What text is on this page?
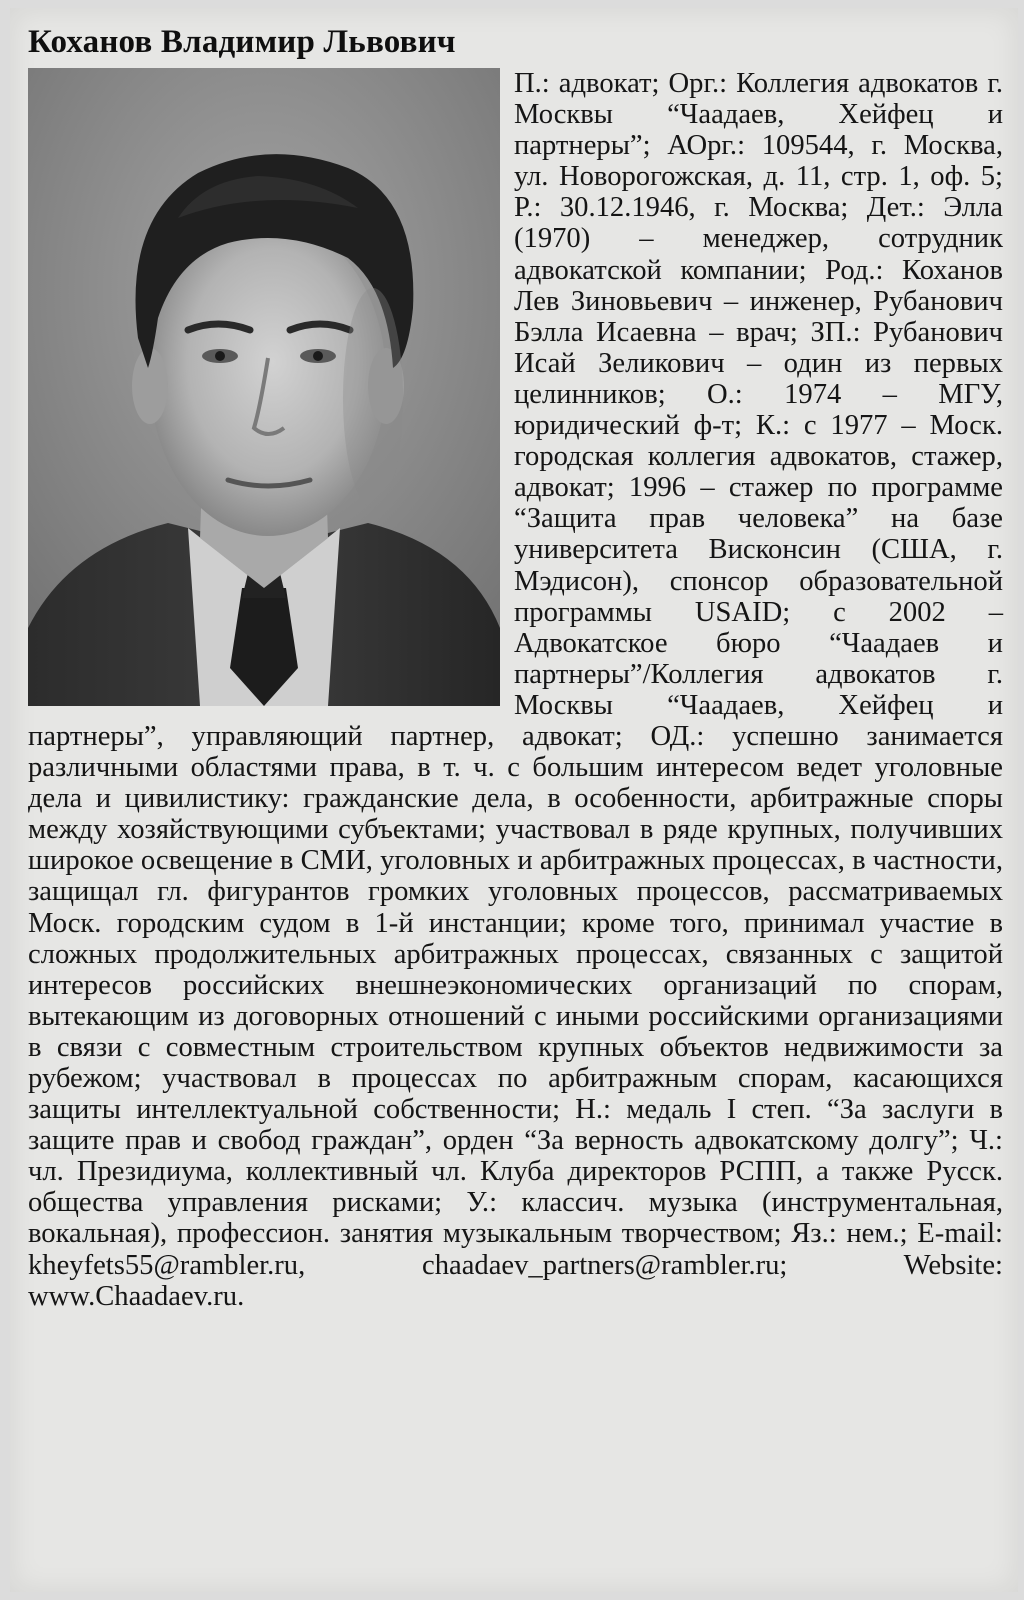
Коханов Владимир Львович

П.: адвокат; Орг.: Коллегия адвокатов г. Москвы “Чаадаев, Хейфец и партнеры”; АОрг.: 109544, г. Москва, ул. Новорогожская, д. 11, стр. 1, оф. 5; Р.: 30.12.1946, г. Москва; Дет.: Элла (1970) – менеджер, сотрудник адвокатской компании; Род.: Коханов Лев Зиновьевич – инженер, Рубанович Бэлла Исаевна – врач; ЗП.: Рубанович Исай Зеликович – один из первых целинников; О.: 1974 – МГУ, юридический ф-т; К.: с 1977 – Моск. городская коллегия адвокатов, стажер, адвокат; 1996 – стажер по программе “Защита прав человека” на базе университета Висконсин (США, г. Мэдисон), спонсор образовательной программы USAID; с 2002 – Адвокатское бюро “Чаадаев и партнеры”/Коллегия адвокатов г. Москвы “Чаадаев, Хейфец и партнеры”, управляющий партнер, адвокат; ОД.: успешно занимается различными областями права, в т. ч. с большим интересом ведет уголовные дела и цивилистику: гражданские дела, в особенности, арбитражные споры между хозяйствующими субъектами; участвовал в ряде крупных, получивших широкое освещение в СМИ, уголовных и арбитражных процессах, в частности, защищал гл. фигурантов громких уголовных процессов, рассматриваемых Моск. городским судом в 1-й инстанции; кроме того, принимал участие в сложных продолжительных арбитражных процессах, связанных с защитой интересов российских внешнеэкономических организаций по спорам, вытекающим из договорных отношений с иными российскими организациями в связи с совместным строительством крупных объектов недвижимости за рубежом; участвовал в процессах по арбитражным спорам, касающихся защиты интеллектуальной собственности; Н.: медаль I степ. “За заслуги в защите прав и свобод граждан”, орден “За верность адвокатскому долгу”; Ч.: чл. Президиума, коллективный чл. Клуба директоров РСПП, а также Русск. общества управления рисками; У.: классич. музыка (инструментальная, вокальная), профессион. занятия музыкальным творчеством; Яз.: нем.; E-mail: kheyfets55@rambler.ru, chaadaev_partners@rambler.ru; Website: www.Chaadaev.ru.
